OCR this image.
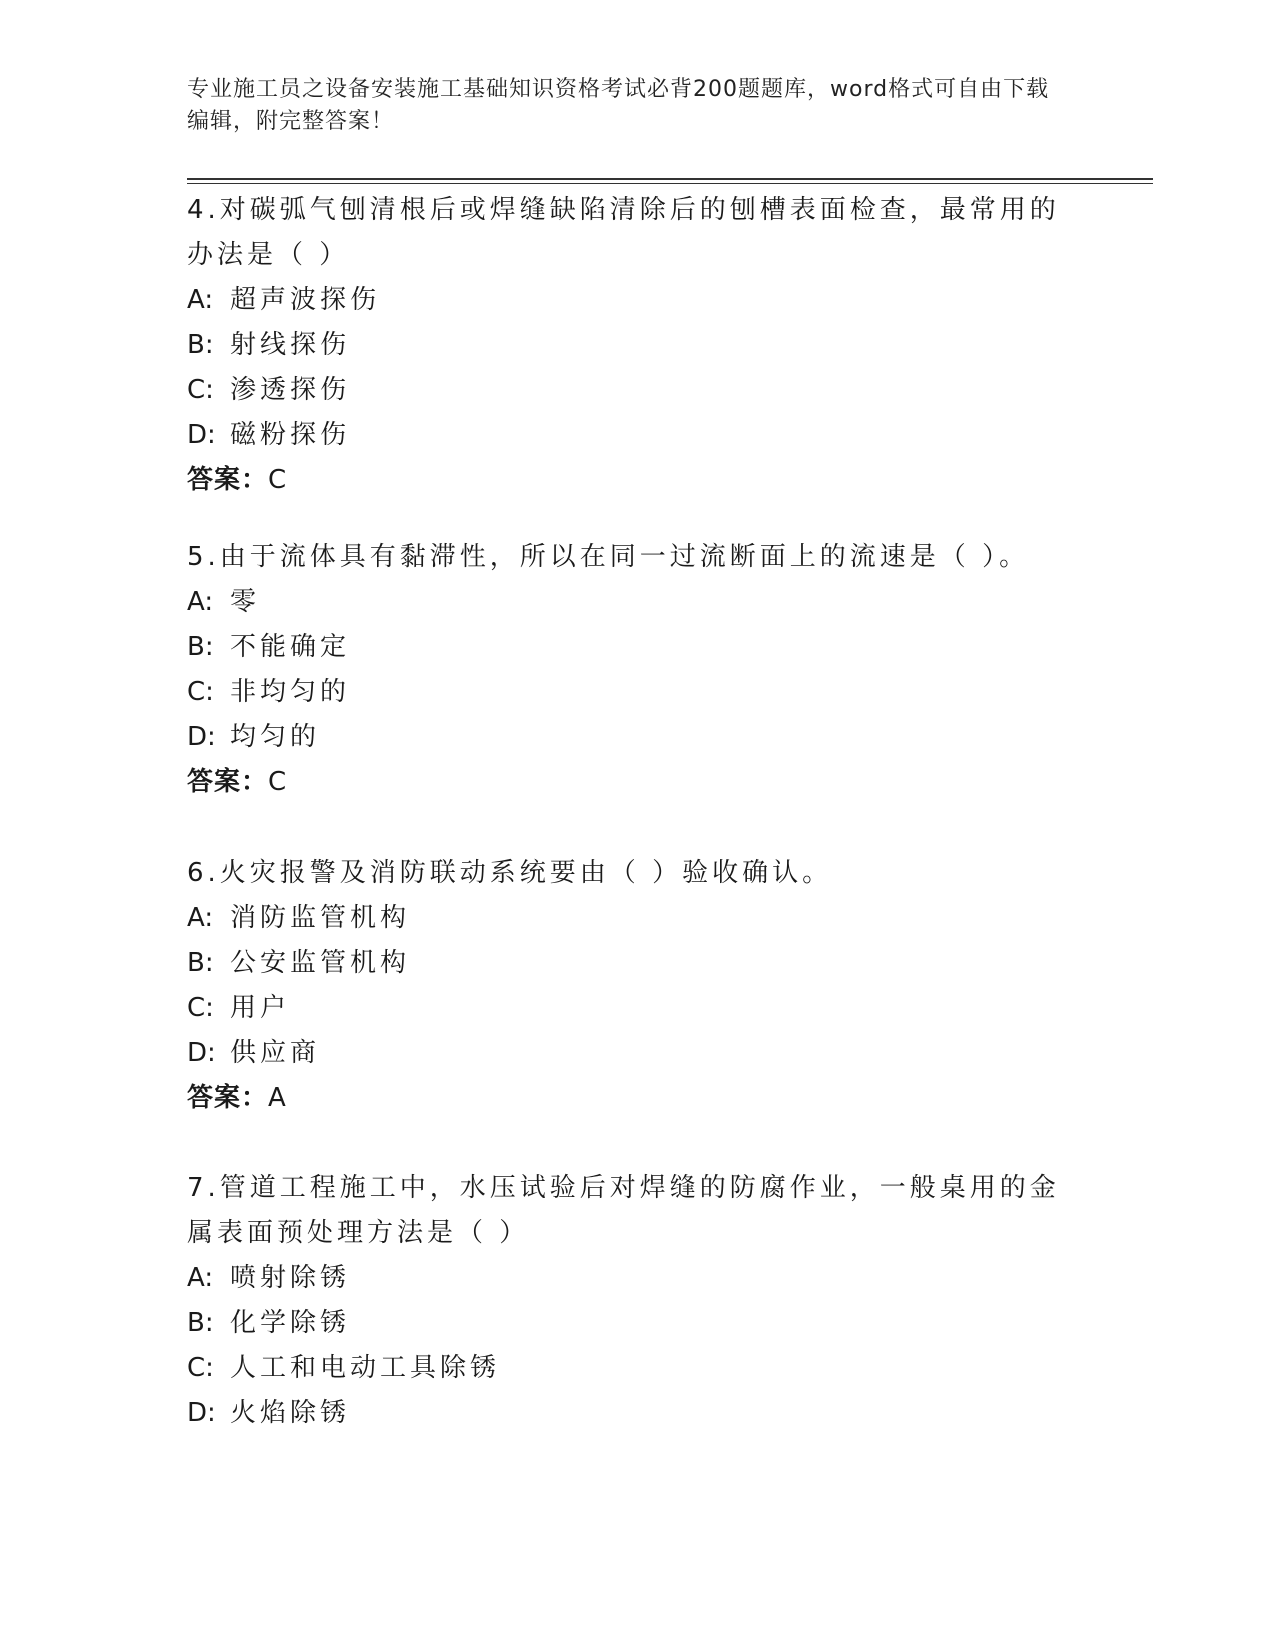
专业施工员之设备安装施工基础知识资格考试必背200题题库，word格式可自由下载编辑，附完整答案！
4.对碳弧气刨清根后或焊缝缺陷清除后的刨槽表面检查，最常用的办法是（ ）
A: 超声波探伤
B: 射线探伤
C: 渗透探伤
D: 磁粉探伤
答案：C
5.由于流体具有黏滞性，所以在同一过流断面上的流速是（ ）。
A: 零
B: 不能确定
C: 非均匀的
D: 均匀的
答案：C
6.火灾报警及消防联动系统要由（ ）验收确认。
A: 消防监管机构
B: 公安监管机构
C: 用户
D: 供应商
答案：A
7.管道工程施工中，水压试验后对焊缝的防腐作业，一般桌用的金属表面预处理方法是（ ）
A: 喷射除锈
B: 化学除锈
C: 人工和电动工具除锈
D: 火焰除锈
